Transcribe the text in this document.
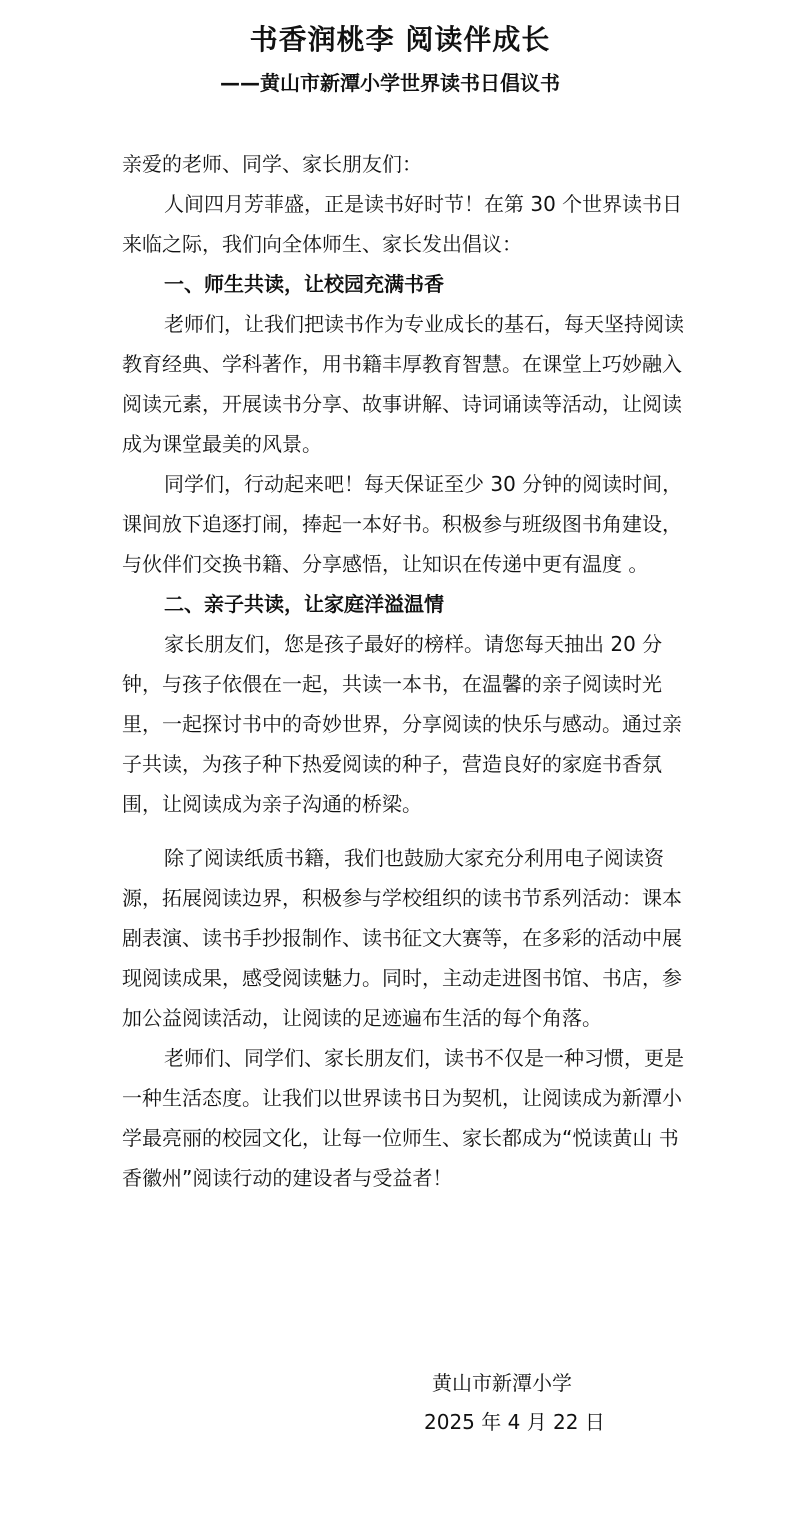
书香润桃李 阅读伴成长
——黄山市新潭小学世界读书日倡议书

亲爱的老师、同学、家长朋友们：

人间四月芳菲盛，正是读书好时节！在第 30 个世界读书日来临之际，我们向全体师生、家长发出倡议：

一、师生共读，让校园充满书香

老师们，让我们把读书作为专业成长的基石，每天坚持阅读教育经典、学科著作，用书籍丰厚教育智慧。在课堂上巧妙融入阅读元素，开展读书分享、故事讲解、诗词诵读等活动，让阅读成为课堂最美的风景。

同学们，行动起来吧！每天保证至少 30 分钟的阅读时间，课间放下追逐打闹，捧起一本好书。积极参与班级图书角建设，与伙伴们交换书籍、分享感悟，让知识在传递中更有温度 。

二、亲子共读，让家庭洋溢温情

家长朋友们，您是孩子最好的榜样。请您每天抽出 20 分钟，与孩子依偎在一起，共读一本书，在温馨的亲子阅读时光里，一起探讨书中的奇妙世界，分享阅读的快乐与感动。通过亲子共读，为孩子种下热爱阅读的种子，营造良好的家庭书香氛围，让阅读成为亲子沟通的桥梁。

除了阅读纸质书籍，我们也鼓励大家充分利用电子阅读资源，拓展阅读边界，积极参与学校组织的读书节系列活动：课本剧表演、读书手抄报制作、读书征文大赛等，在多彩的活动中展现阅读成果，感受阅读魅力。同时，主动走进图书馆、书店，参加公益阅读活动，让阅读的足迹遍布生活的每个角落。

老师们、同学们、家长朋友们，读书不仅是一种习惯，更是一种生活态度。让我们以世界读书日为契机，让阅读成为新潭小学最亮丽的校园文化，让每一位师生、家长都成为“悦读黄山 书香徽州”阅读行动的建设者与受益者！

黄山市新潭小学
2025 年 4 月 22 日
